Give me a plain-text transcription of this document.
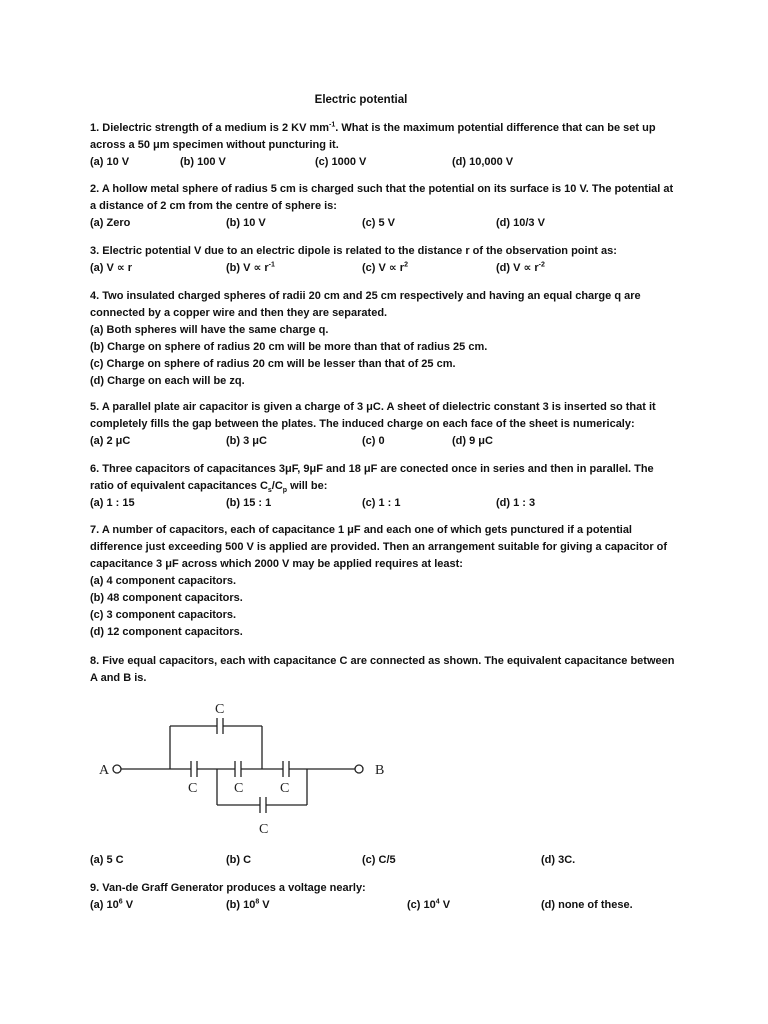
Electric potential

1. Dielectric strength of a medium is 2 KV $mm^{-1}$. What is the maximum potential difference that can be set up across a 50 μm specimen without puncturing it.

(a) 10 V	(b) 100 V	(c) 1000 V	(d) 10,000 V

2. A hollow metal sphere of radius 5 cm is charged such that the potential on its surface is 10 V. The potential at a distance of 2 cm from the centre of sphere is:

(a) Zero	(b) 10 V	(c) 5 V	(d) 10/3 V

3. Electric potential V due to an electric dipole is related to the distance r of the observation point as:

(a) V ∝ r	(b) $V \propto r^{-1}$	(c) $V \propto r^2$	(d) $V \propto r^{-2}$

4. Two insulated charged spheres of radii 20 cm and 25 cm respectively and having an equal charge q are connected by a copper wire and then they are separated.

(a) Both spheres will have the same charge q.
(b) Charge on sphere of radius 20 cm will be more than that of radius 25 cm.
(c) Charge on sphere of radius 20 cm will be lesser than that of 25 cm.
(d) Charge on each will be zq.

5. A parallel plate air capacitor is given a charge of 3 μC. A sheet of dielectric constant 3 is inserted so that it completely fills the gap between the plates. The induced charge on each face of the sheet is numericaly:

(a) 2 μC	(b) 3 μC	(c) 0	(d) 9 μC

6. Three capacitors of capacitances 3μF, 9μF and 18 μF are conected once in series and then in parallel. The ratio of equivalent capacitances $C_s/C_p$ will be:

(a) 1 : 15	(b) 15 : 1	(c) 1 : 1	(d) 1 : 3

7. A number of capacitors, each of capacitance 1 μF and each one of which gets punctured if a potential difference just exceeding 500 V is applied are provided. Then an arrangement suitable for giving a capacitor of capacitance 3 μF across which 2000 V may be applied requires at least:

(a) 4 component capacitors.
(b) 48 component capacitors.
(c) 3 component capacitors.
(d) 12 component capacitors.

8. Five equal capacitors, each with capacitance C are connected as shown. The equivalent capacitance between A and B is.

A	B
C
C	C	C
C
(a) 5 C	(b) C	(c) C/5	(d) 3C.

9. Van-de Graff Generator produces a voltage nearly:

(a) $10^6$ V	(b) $10^8$ V	(c) $10^4$ V	(d) none of these.
